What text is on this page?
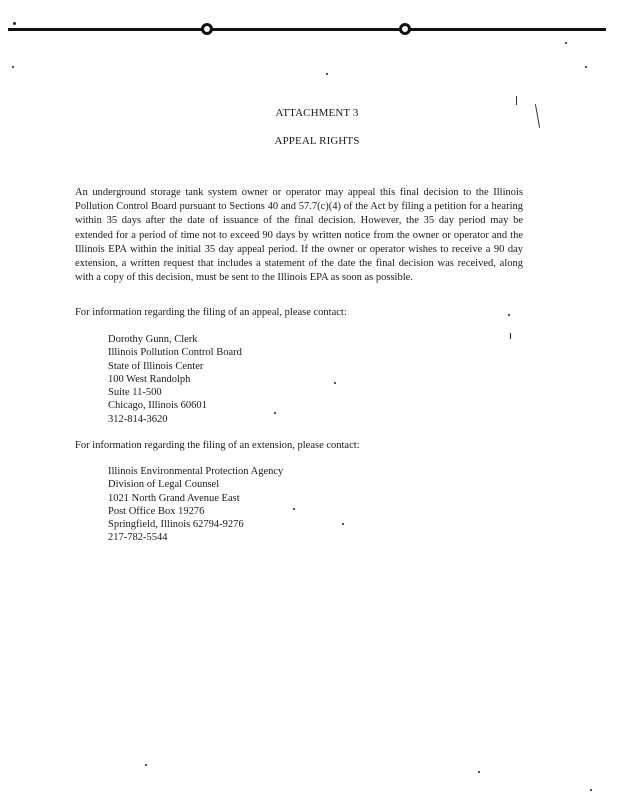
ATTACHMENT 3
APPEAL RIGHTS
An underground storage tank system owner or operator may appeal this final decision to the Illinois Pollution Control Board pursuant to Sections 40 and 57.7(c)(4) of the Act by filing a petition for a hearing within 35 days after the date of issuance of the final decision. However, the 35 day period may be extended for a period of time not to exceed 90 days by written notice from the owner or operator and the Illinois EPA within the initial 35 day appeal period. If the owner or operator wishes to receive a 90 day extension, a written request that includes a statement of the date the final decision was received, along with a copy of this decision, must be sent to the Illinois EPA as soon as possible.
For information regarding the filing of an appeal, please contact:
Dorothy Gunn, Clerk
Illinois Pollution Control Board
State of Illinois Center
100 West Randolph
Suite 11-500
Chicago, Illinois 60601
312-814-3620
For information regarding the filing of an extension, please contact:
Illinois Environmental Protection Agency
Division of Legal Counsel
1021 North Grand Avenue East
Post Office Box 19276
Springfield, Illinois 62794-9276
217-782-5544
